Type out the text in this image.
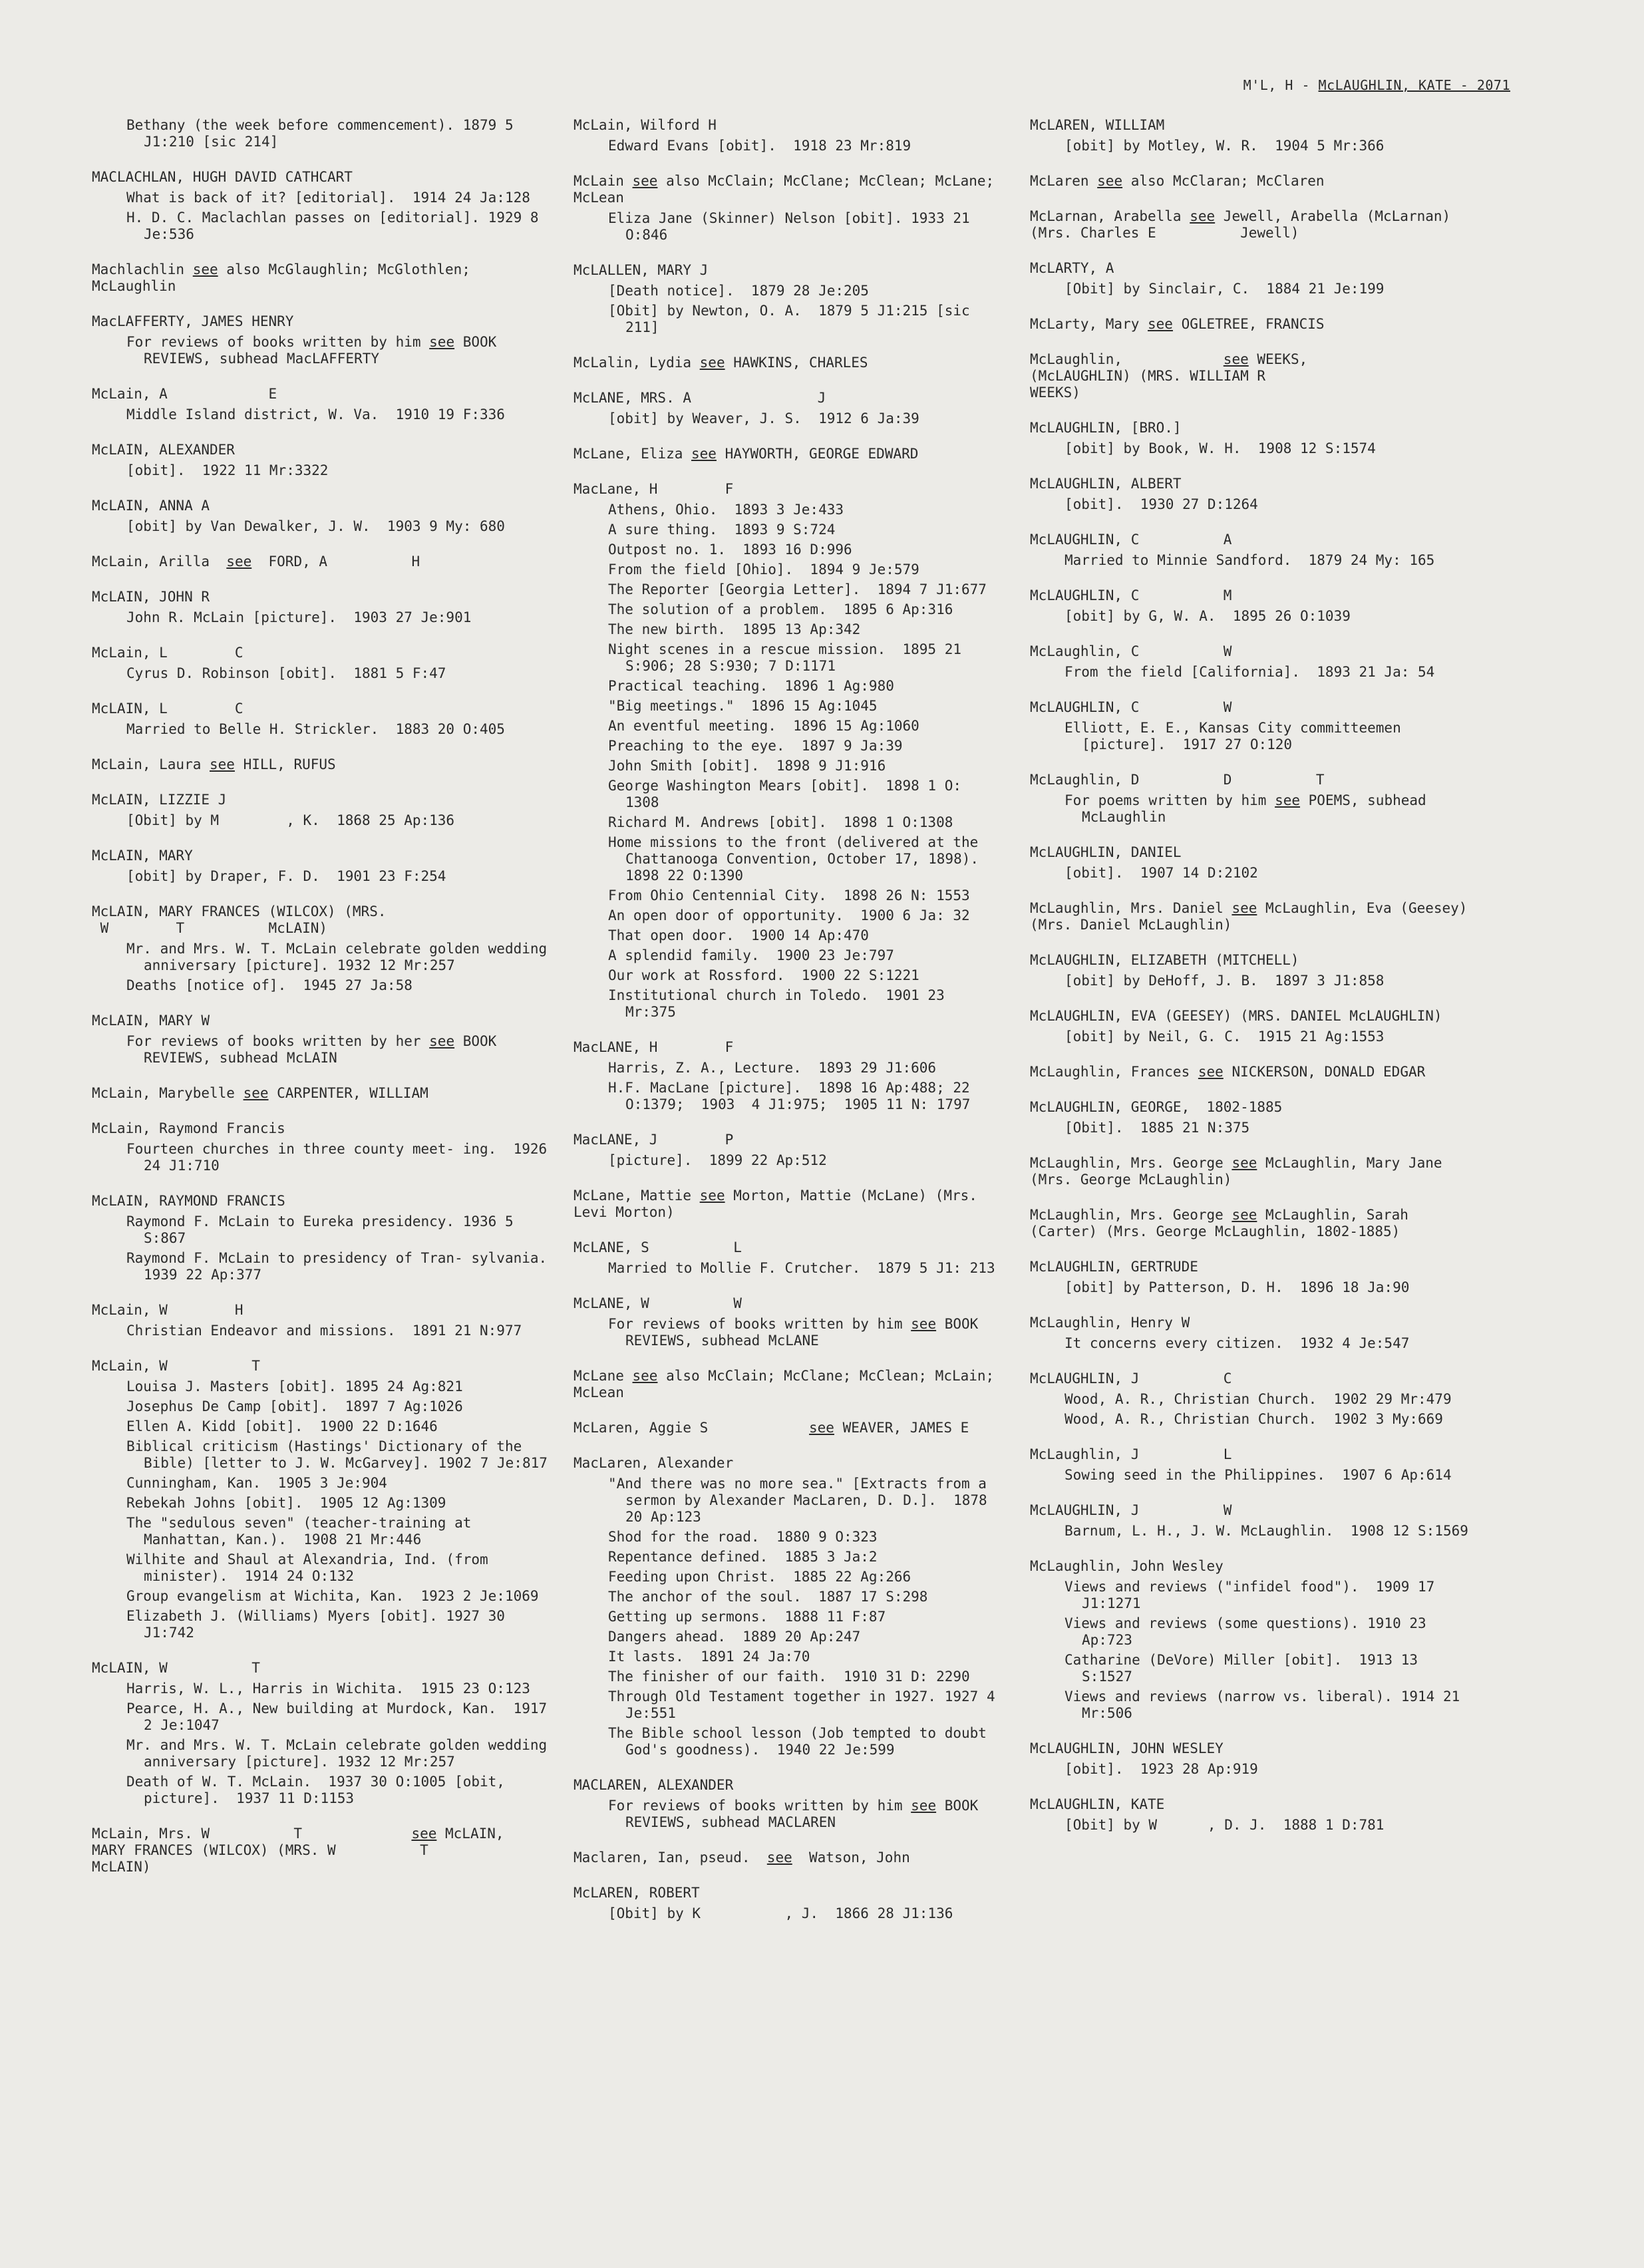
M'L, H - McLAUGHLIN, KATE - 2071
Bethany (the week before commencement). 1879 5 J1:210 [sic 214]
MACLACHLAN, HUGH DAVID CATHCART
What is back of it? [editorial].  1914 24 Ja:128
H. D. C. Maclachlan passes on [editorial]. 1929 8 Je:536
Machlachlin see also McGlaughlin; McGlothlen; McLaughlin
MacLAFFERTY, JAMES HENRY
For reviews of books written by him see BOOK REVIEWS, subhead MacLAFFERTY
McLain, A            E
Middle Island district, W. Va.  1910 19 F:336
McLAIN, ALEXANDER
[obit].  1922 11 Mr:3322
McLAIN, ANNA A
[obit] by Van Dewalker, J. W.  1903 9 My: 680
McLain, Arilla  see  FORD, A          H
McLAIN, JOHN R
John R. McLain [picture].  1903 27 Je:901
McLain, L        C
Cyrus D. Robinson [obit].  1881 5 F:47
McLAIN, L        C
Married to Belle H. Strickler.  1883 20 O:405
McLain, Laura see HILL, RUFUS
McLAIN, LIZZIE J
[Obit] by M        , K.  1868 25 Ap:136
McLAIN, MARY
[obit] by Draper, F. D.  1901 23 F:254
McLAIN, MARY FRANCES (WILCOX) (MRS.
W        T          McLAIN)
Mr. and Mrs. W. T. McLain celebrate golden wedding anniversary [picture]. 1932 12 Mr:257
Deaths [notice of].  1945 27 Ja:58
McLAIN, MARY W
For reviews of books written by her see BOOK REVIEWS, subhead McLAIN
McLain, Marybelle see CARPENTER, WILLIAM
McLain, Raymond Francis
Fourteen churches in three county meet- ing.  1926 24 J1:710
McLAIN, RAYMOND FRANCIS
Raymond F. McLain to Eureka presidency. 1936 5 S:867
Raymond F. McLain to presidency of Tran- sylvania.  1939 22 Ap:377
McLain, W        H
Christian Endeavor and missions.  1891 21 N:977
McLain, W          T
Louisa J. Masters [obit]. 1895 24 Ag:821
Josephus De Camp [obit].  1897 7 Ag:1026
Ellen A. Kidd [obit].  1900 22 D:1646
Biblical criticism (Hastings' Dictionary of the Bible) [letter to J. W. McGarvey]. 1902 7 Je:817
Cunningham, Kan.  1905 3 Je:904
Rebekah Johns [obit].  1905 12 Ag:1309
The "sedulous seven" (teacher-training at Manhattan, Kan.).  1908 21 Mr:446
Wilhite and Shaul at Alexandria, Ind. (from minister).  1914 24 O:132
Group evangelism at Wichita, Kan.  1923 2 Je:1069
Elizabeth J. (Williams) Myers [obit]. 1927 30 J1:742
McLAIN, W          T
Harris, W. L., Harris in Wichita.  1915 23 O:123
Pearce, H. A., New building at Murdock, Kan.  1917 2 Je:1047
Mr. and Mrs. W. T. McLain celebrate golden wedding anniversary [picture]. 1932 12 Mr:257
Death of W. T. McLain.  1937 30 O:1005 [obit, picture].  1937 11 D:1153
McLain, Mrs. W          T             see McLAIN,
MARY FRANCES (WILCOX) (MRS. W          T
McLAIN)
McLain, Wilford H
Edward Evans [obit].  1918 23 Mr:819
McLain see also McClain; McClane; McClean; McLane; McLean
Eliza Jane (Skinner) Nelson [obit]. 1933 21 O:846
McLALLEN, MARY J
[Death notice].  1879 28 Je:205
[Obit] by Newton, O. A.  1879 5 J1:215 [sic 211]
McLalin, Lydia see HAWKINS, CHARLES
McLANE, MRS. A               J
[obit] by Weaver, J. S.  1912 6 Ja:39
McLane, Eliza see HAYWORTH, GEORGE EDWARD
MacLane, H        F
Athens, Ohio.  1893 3 Je:433
A sure thing.  1893 9 S:724
Outpost no. 1.  1893 16 D:996
From the field [Ohio].  1894 9 Je:579
The Reporter [Georgia Letter].  1894 7 J1:677
The solution of a problem.  1895 6 Ap:316
The new birth.  1895 13 Ap:342
Night scenes in a rescue mission.  1895 21 S:906; 28 S:930; 7 D:1171
Practical teaching.  1896 1 Ag:980
"Big meetings."  1896 15 Ag:1045
An eventful meeting.  1896 15 Ag:1060
Preaching to the eye.  1897 9 Ja:39
John Smith [obit].  1898 9 J1:916
George Washington Mears [obit].  1898 1 O: 1308
Richard M. Andrews [obit].  1898 1 O:1308
Home missions to the front (delivered at the Chattanooga Convention, October 17, 1898).  1898 22 O:1390
From Ohio Centennial City.  1898 26 N: 1553
An open door of opportunity.  1900 6 Ja: 32
That open door.  1900 14 Ap:470
A splendid family.  1900 23 Je:797
Our work at Rossford.  1900 22 S:1221
Institutional church in Toledo.  1901 23 Mr:375
MacLANE, H        F
Harris, Z. A., Lecture.  1893 29 J1:606
H.F. MacLane [picture].  1898 16 Ap:488; 22 O:1379;  1903  4 J1:975;  1905 11 N: 1797
MacLANE, J        P
[picture].  1899 22 Ap:512
McLane, Mattie see Morton, Mattie (McLane) (Mrs. Levi Morton)
McLANE, S          L
Married to Mollie F. Crutcher.  1879 5 J1: 213
McLANE, W          W
For reviews of books written by him see BOOK REVIEWS, subhead McLANE
McLane see also McClain; McClane; McClean; McLain; McLean
McLaren, Aggie S            see WEAVER, JAMES E
MacLaren, Alexander
"And there was no more sea." [Extracts from a sermon by Alexander MacLaren, D. D.].  1878 20 Ap:123
Shod for the road.  1880 9 O:323
Repentance defined.  1885 3 Ja:2
Feeding upon Christ.  1885 22 Ag:266
The anchor of the soul.  1887 17 S:298
Getting up sermons.  1888 11 F:87
Dangers ahead.  1889 20 Ap:247
It lasts.  1891 24 Ja:70
The finisher of our faith.  1910 31 D: 2290
Through Old Testament together in 1927. 1927 4 Je:551
The Bible school lesson (Job tempted to doubt God's goodness).  1940 22 Je:599
MACLAREN, ALEXANDER
For reviews of books written by him see BOOK REVIEWS, subhead MACLAREN
Maclaren, Ian, pseud.  see  Watson, John
McLAREN, ROBERT
[Obit] by K          , J.  1866 28 J1:136
McLAREN, WILLIAM
[obit] by Motley, W. R.  1904 5 Mr:366
McLaren see also McClaran; McClaren
McLarnan, Arabella see Jewell, Arabella (McLarnan) (Mrs. Charles E          Jewell)
McLARTY, A
[Obit] by Sinclair, C.  1884 21 Je:199
McLarty, Mary see OGLETREE, FRANCIS
McLaughlin,            see WEEKS,
(McLAUGHLIN) (MRS. WILLIAM R
WEEKS)
McLAUGHLIN, [BRO.]
[obit] by Book, W. H.  1908 12 S:1574
McLAUGHLIN, ALBERT
[obit].  1930 27 D:1264
McLAUGHLIN, C          A
Married to Minnie Sandford.  1879 24 My: 165
McLAUGHLIN, C          M
[obit] by G, W. A.  1895 26 O:1039
McLaughlin, C          W
From the field [California].  1893 21 Ja: 54
McLAUGHLIN, C          W
Elliott, E. E., Kansas City committeemen [picture].  1917 27 O:120
McLaughlin, D          D          T
For poems written by him see POEMS, subhead McLaughlin
McLAUGHLIN, DANIEL
[obit].  1907 14 D:2102
McLaughlin, Mrs. Daniel see McLaughlin, Eva (Geesey) (Mrs. Daniel McLaughlin)
McLAUGHLIN, ELIZABETH (MITCHELL)
[obit] by DeHoff, J. B.  1897 3 J1:858
McLAUGHLIN, EVA (GEESEY) (MRS. DANIEL McLAUGHLIN)
[obit] by Neil, G. C.  1915 21 Ag:1553
McLaughlin, Frances see NICKERSON, DONALD EDGAR
McLAUGHLIN, GEORGE,  1802-1885
[Obit].  1885 21 N:375
McLaughlin, Mrs. George see McLaughlin, Mary Jane (Mrs. George McLaughlin)
McLaughlin, Mrs. George see McLaughlin, Sarah (Carter) (Mrs. George McLaughlin, 1802-1885)
McLAUGHLIN, GERTRUDE
[obit] by Patterson, D. H.  1896 18 Ja:90
McLaughlin, Henry W
It concerns every citizen.  1932 4 Je:547
McLAUGHLIN, J          C
Wood, A. R., Christian Church.  1902 29 Mr:479
Wood, A. R., Christian Church.  1902 3 My:669
McLaughlin, J          L
Sowing seed in the Philippines.  1907 6 Ap:614
McLAUGHLIN, J          W
Barnum, L. H., J. W. McLaughlin.  1908 12 S:1569
McLaughlin, John Wesley
Views and reviews ("infidel food").  1909 17 J1:1271
Views and reviews (some questions). 1910 23 Ap:723
Catharine (DeVore) Miller [obit].  1913 13 S:1527
Views and reviews (narrow vs. liberal). 1914 21 Mr:506
McLAUGHLIN, JOHN WESLEY
[obit].  1923 28 Ap:919
McLAUGHLIN, KATE
[Obit] by W      , D. J.  1888 1 D:781
